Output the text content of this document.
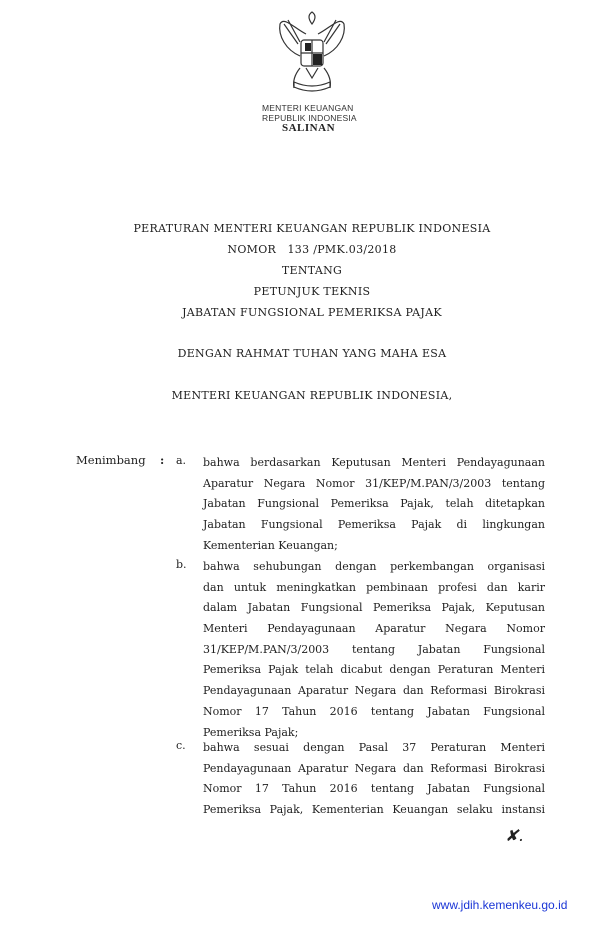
MENTERI KEUANGAN
REPUBLIK INDONESIA
SALINAN
PERATURAN MENTERI KEUANGAN REPUBLIK INDONESIA
NOMOR   133 /PMK.03/2018
TENTANG
PETUNJUK TEKNIS
JABATAN FUNGSIONAL PEMERIKSA PAJAK
DENGAN RAHMAT TUHAN YANG MAHA ESA
MENTERI KEUANGAN REPUBLIK INDONESIA,
Menimbang : a. bahwa berdasarkan Keputusan Menteri Pendayagunaan
Aparatur Negara Nomor 31/KEP/M.PAN/3/2003 tentang
Jabatan Fungsional Pemeriksa Pajak, telah ditetapkan
Jabatan Fungsional Pemeriksa Pajak di lingkungan
Kementerian Keuangan;
b. bahwa sehubungan dengan perkembangan organisasi
dan untuk meningkatkan pembinaan profesi dan karir
dalam Jabatan Fungsional Pemeriksa Pajak, Keputusan
Menteri Pendayagunaan Aparatur Negara Nomor
31/KEP/M.PAN/3/2003 tentang Jabatan Fungsional
Pemeriksa Pajak telah dicabut dengan Peraturan Menteri
Pendayagunaan Aparatur Negara dan Reformasi Birokrasi
Nomor 17 Tahun 2016 tentang Jabatan Fungsional
Pemeriksa Pajak;
c. bahwa sesuai dengan Pasal 37 Peraturan Menteri
Pendayagunaan Aparatur Negara dan Reformasi Birokrasi
Nomor 17 Tahun 2016 tentang Jabatan Fungsional
Pemeriksa Pajak, Kementerian Keuangan selaku instansi
✘.
www.jdih.kemenkeu.go.id
